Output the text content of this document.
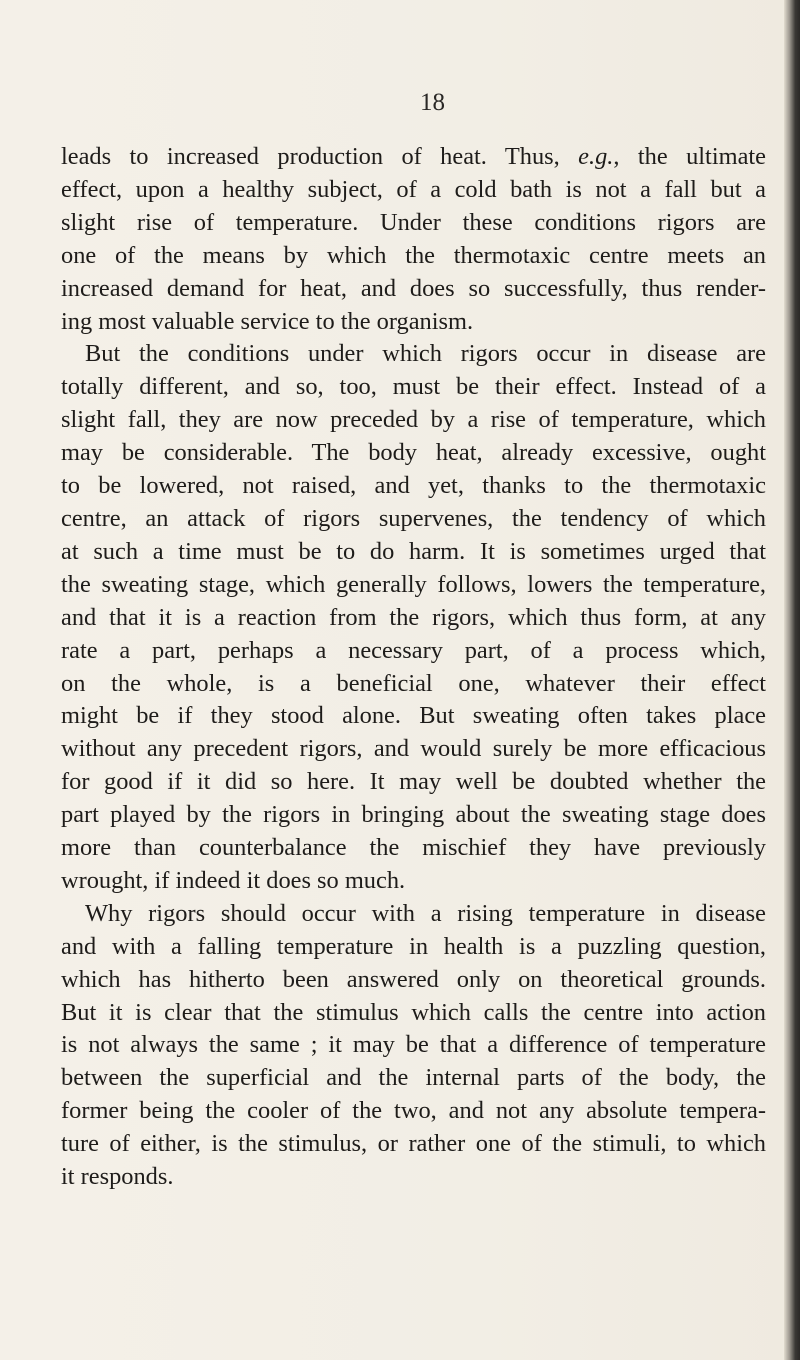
18

leads to increased production of heat. Thus, e.g., the ultimate
effect, upon a healthy subject, of a cold bath is not a fall but a
slight rise of temperature. Under these conditions rigors are
one of the means by which the thermotaxic centre meets an
increased demand for heat, and does so successfully, thus render-
ing most valuable service to the organism.

But the conditions under which rigors occur in disease are
totally different, and so, too, must be their effect. Instead of a
slight fall, they are now preceded by a rise of temperature, which
may be considerable. The body heat, already excessive, ought
to be lowered, not raised, and yet, thanks to the thermotaxic
centre, an attack of rigors supervenes, the tendency of which
at such a time must be to do harm. It is sometimes urged that
the sweating stage, which generally follows, lowers the temperature,
and that it is a reaction from the rigors, which thus form, at any
rate a part, perhaps a necessary part, of a process which,
on the whole, is a beneficial one, whatever their effect
might be if they stood alone. But sweating often takes place
without any precedent rigors, and would surely be more efficacious
for good if it did so here. It may well be doubted whether the
part played by the rigors in bringing about the sweating stage does
more than counterbalance the mischief they have previously
wrought, if indeed it does so much.

Why rigors should occur with a rising temperature in disease
and with a falling temperature in health is a puzzling question,
which has hitherto been answered only on theoretical grounds.
But it is clear that the stimulus which calls the centre into action
is not always the same ; it may be that a difference of temperature
between the superficial and the internal parts of the body, the
former being the cooler of the two, and not any absolute tempera-
ture of either, is the stimulus, or rather one of the stimuli, to which
it responds.
